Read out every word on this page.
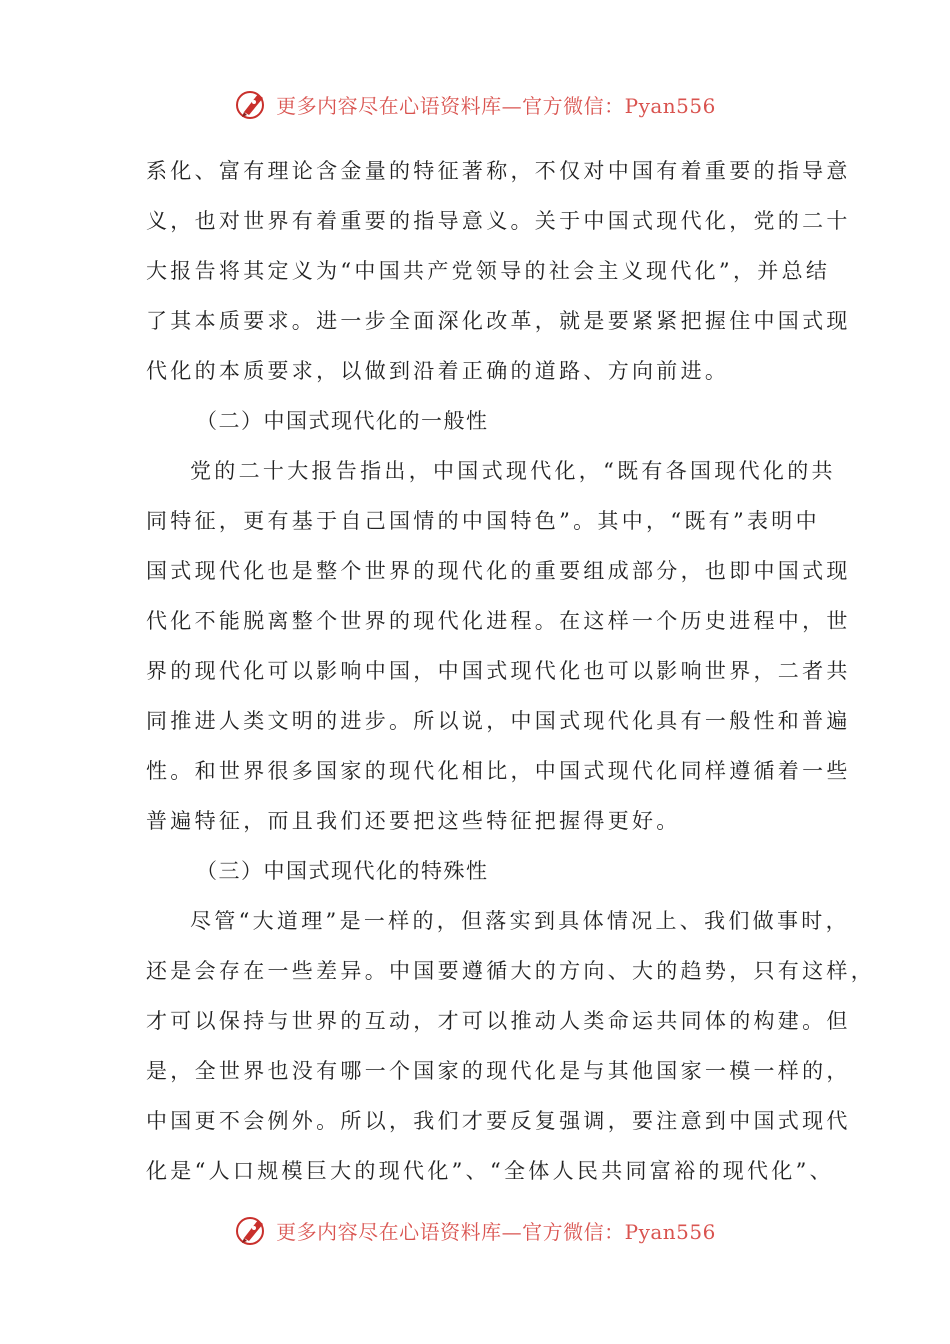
更多内容尽在心语资料库—官方微信：Pyan556
系化、富有理论含金量的特征著称，不仅对中国有着重要的指导意
义，也对世界有着重要的指导意义。关于中国式现代化，党的二十
大报告将其定义为“中国共产党领导的社会主义现代化”，并总结
了其本质要求。进一步全面深化改革，就是要紧紧把握住中国式现
代化的本质要求，以做到沿着正确的道路、方向前进。
（二）中国式现代化的一般性
党的二十大报告指出，中国式现代化，“既有各国现代化的共
同特征，更有基于自己国情的中国特色”。其中，“既有”表明中
国式现代化也是整个世界的现代化的重要组成部分，也即中国式现
代化不能脱离整个世界的现代化进程。在这样一个历史进程中，世
界的现代化可以影响中国，中国式现代化也可以影响世界，二者共
同推进人类文明的进步。所以说，中国式现代化具有一般性和普遍
性。和世界很多国家的现代化相比，中国式现代化同样遵循着一些
普遍特征，而且我们还要把这些特征把握得更好。
（三）中国式现代化的特殊性
尽管“大道理”是一样的，但落实到具体情况上、我们做事时，
还是会存在一些差异。中国要遵循大的方向、大的趋势，只有这样，
才可以保持与世界的互动，才可以推动人类命运共同体的构建。但
是，全世界也没有哪一个国家的现代化是与其他国家一模一样的，
中国更不会例外。所以，我们才要反复强调，要注意到中国式现代
化是“人口规模巨大的现代化”、“全体人民共同富裕的现代化”、
更多内容尽在心语资料库—官方微信：Pyan556
